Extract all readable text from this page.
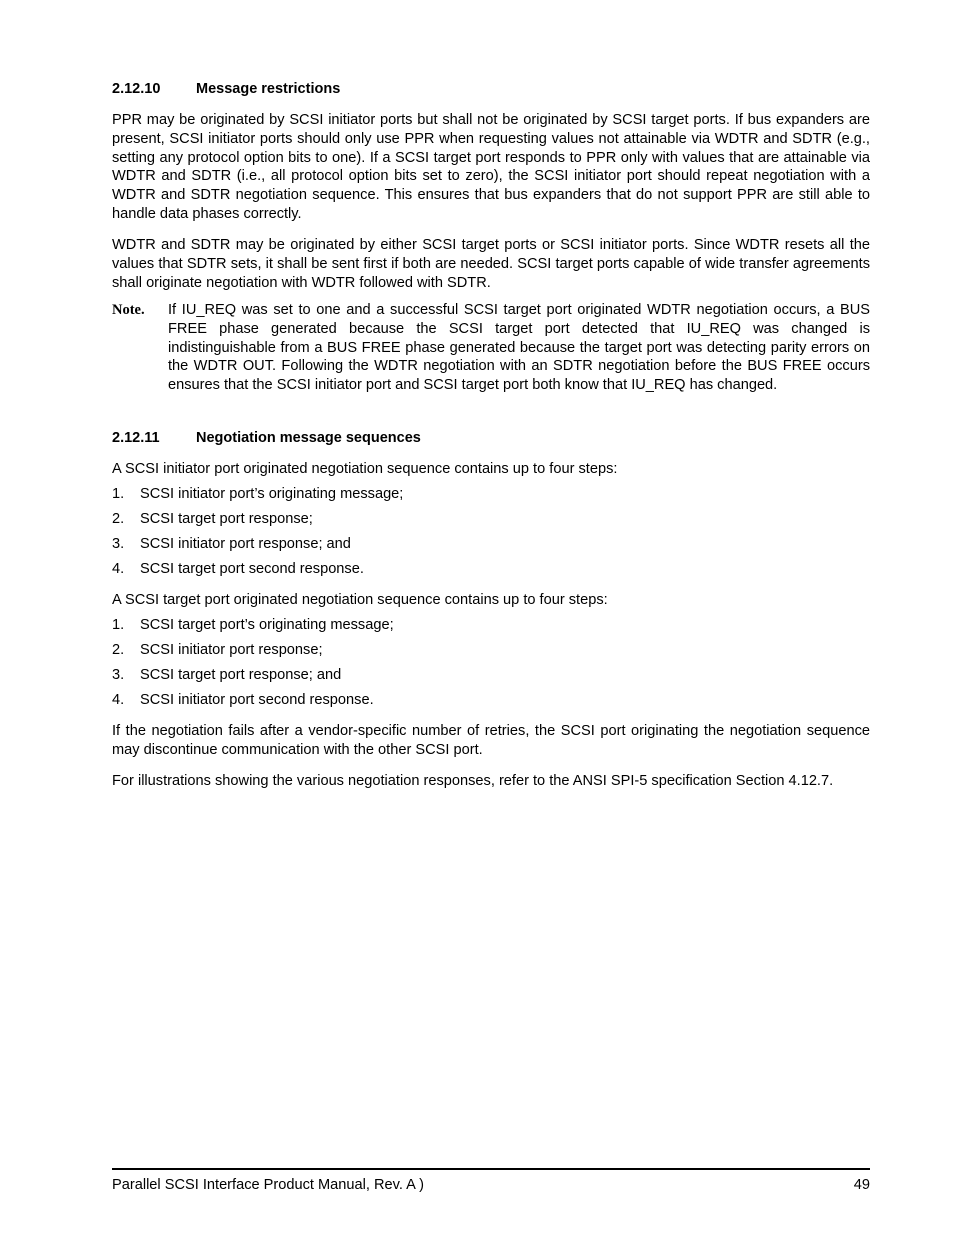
2.12.10 Message restrictions

PPR may be originated by SCSI initiator ports but shall not be originated by SCSI target ports. If bus expanders are present, SCSI initiator ports should only use PPR when requesting values not attainable via WDTR and SDTR (e.g., setting any protocol option bits to one). If a SCSI target port responds to PPR only with values that are attainable via WDTR and SDTR (i.e., all protocol option bits set to zero), the SCSI initiator port should repeat negotiation with a WDTR and SDTR negotiation sequence. This ensures that bus expanders that do not support PPR are still able to handle data phases correctly.

WDTR and SDTR may be originated by either SCSI target ports or SCSI initiator ports. Since WDTR resets all the values that SDTR sets, it shall be sent first if both are needed. SCSI target ports capable of wide transfer agreements shall originate negotiation with WDTR followed with SDTR.

Note. If IU_REQ was set to one and a successful SCSI target port originated WDTR negotiation occurs, a BUS FREE phase generated because the SCSI target port detected that IU_REQ was changed is indistinguishable from a BUS FREE phase generated because the target port was detecting parity errors on the WDTR OUT. Following the WDTR negotiation with an SDTR negotiation before the BUS FREE occurs ensures that the SCSI initiator port and SCSI target port both know that IU_REQ has changed.

2.12.11	Negotiation message sequences

A SCSI initiator port originated negotiation sequence contains up to four steps:

1. SCSI initiator port’s originating message;
2. SCSI target port response;
3. SCSI initiator port response; and
4. SCSI target port second response.

A SCSI target port originated negotiation sequence contains up to four steps:

1. SCSI target port’s originating message;
2. SCSI initiator port response;
3. SCSI target port response; and
4. SCSI initiator port second response.

If the negotiation fails after a vendor-specific number of retries, the SCSI port originating the negotiation sequence may discontinue communication with the other SCSI port.

For illustrations showing the various negotiation responses, refer to the ANSI SPI-5 specification Section 4.12.7.

Parallel SCSI Interface Product Manual, Rev. A )	49
